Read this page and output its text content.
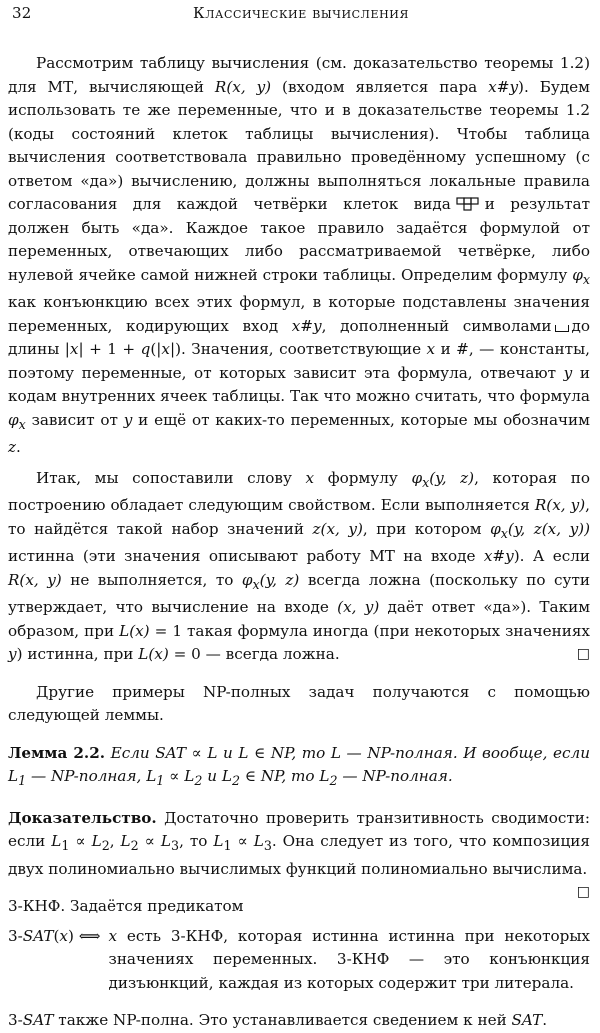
32	Классические вычисления

Рассмотрим таблицу вычисления (см. доказательство теоремы 1.2) для МТ, вычисляющей R(x, y) (входом является пара x#y). Будем использовать те же переменные, что и в доказательстве теоремы 1.2 (коды состояний клеток таблицы вычисления). Чтобы таблица вычисления соответствовала правильно проведённому успешному (с ответом «да») вычислению, должны выполняться локальные правила согласования для каждой четвёрки клеток вида и результат должен быть «да». Каждое такое правило задаётся формулой от переменных, отвечающих либо рассматриваемой четвёрке, либо нулевой ячейке самой нижней строки таблицы. Определим формулу $\varphi_x$ как конъюнкцию всех этих формул, в которые подставлены значения переменных, кодирующих вход x#y, дополненный символами до длины |x| + 1 + q(|x|). Значения, соответствующие x и #, — константы, поэтому переменные, от которых зависит эта формула, отвечают y и кодам внутренних ячеек таблицы. Так что можно считать, что формула $\varphi_x$ зависит от y и ещё от каких-то переменных, которые мы обозначим z.

Итак, мы сопоставили слову x формулу $\varphi_x(y$, z), которая по построению обладает следующим свойством. Если выполняется R(x, y), то найдётся такой набор значений z(x, y), при котором $\varphi_x(y$, z(x, y)) истинна (эти значения описывают работу МТ на входе x#y). А если R(x, y) не выполняется, то $\varphi_x(y$, z) всегда ложна (поскольку по сути утверждает, что вычисление на входе (x, y) даёт ответ «да»). Таким образом, при L(x) = 1 такая формула иногда (при некоторых значениях y) истинна, при L(x) = 0 — всегда ложна.	□

Другие примеры NP-полных задач получаются с помощью следующей леммы.

Лемма 2.2. Если SAT ∝ L и L ∈ NP, то L — NP-полная. И вообще, если $L_1$ — NP-полная, $L_1 \propto L_2$ и $L_2$ ∈ NP, то $L_2$ — NP-полная.

Доказательство. Достаточно проверить транзитивность сводимости: если $L_1 \propto L_2$, $L_2 \propto L_3$, то $L_1 \propto L_3$. Она следует из того, что композиция двух полиномиально вычислимых функций полиномиально вычислима.
□

3-КНФ. Задаётся предикатом

3-SAT(x) ⟺ x есть 3-КНФ, которая истинна истинна при некоторых значениях переменных. 3-КНФ — это конъюнкция дизъюнкций, каждая из которых содержит три литерала.

3-SAT также NP-полна. Это устанавливается сведением к ней SAT.
